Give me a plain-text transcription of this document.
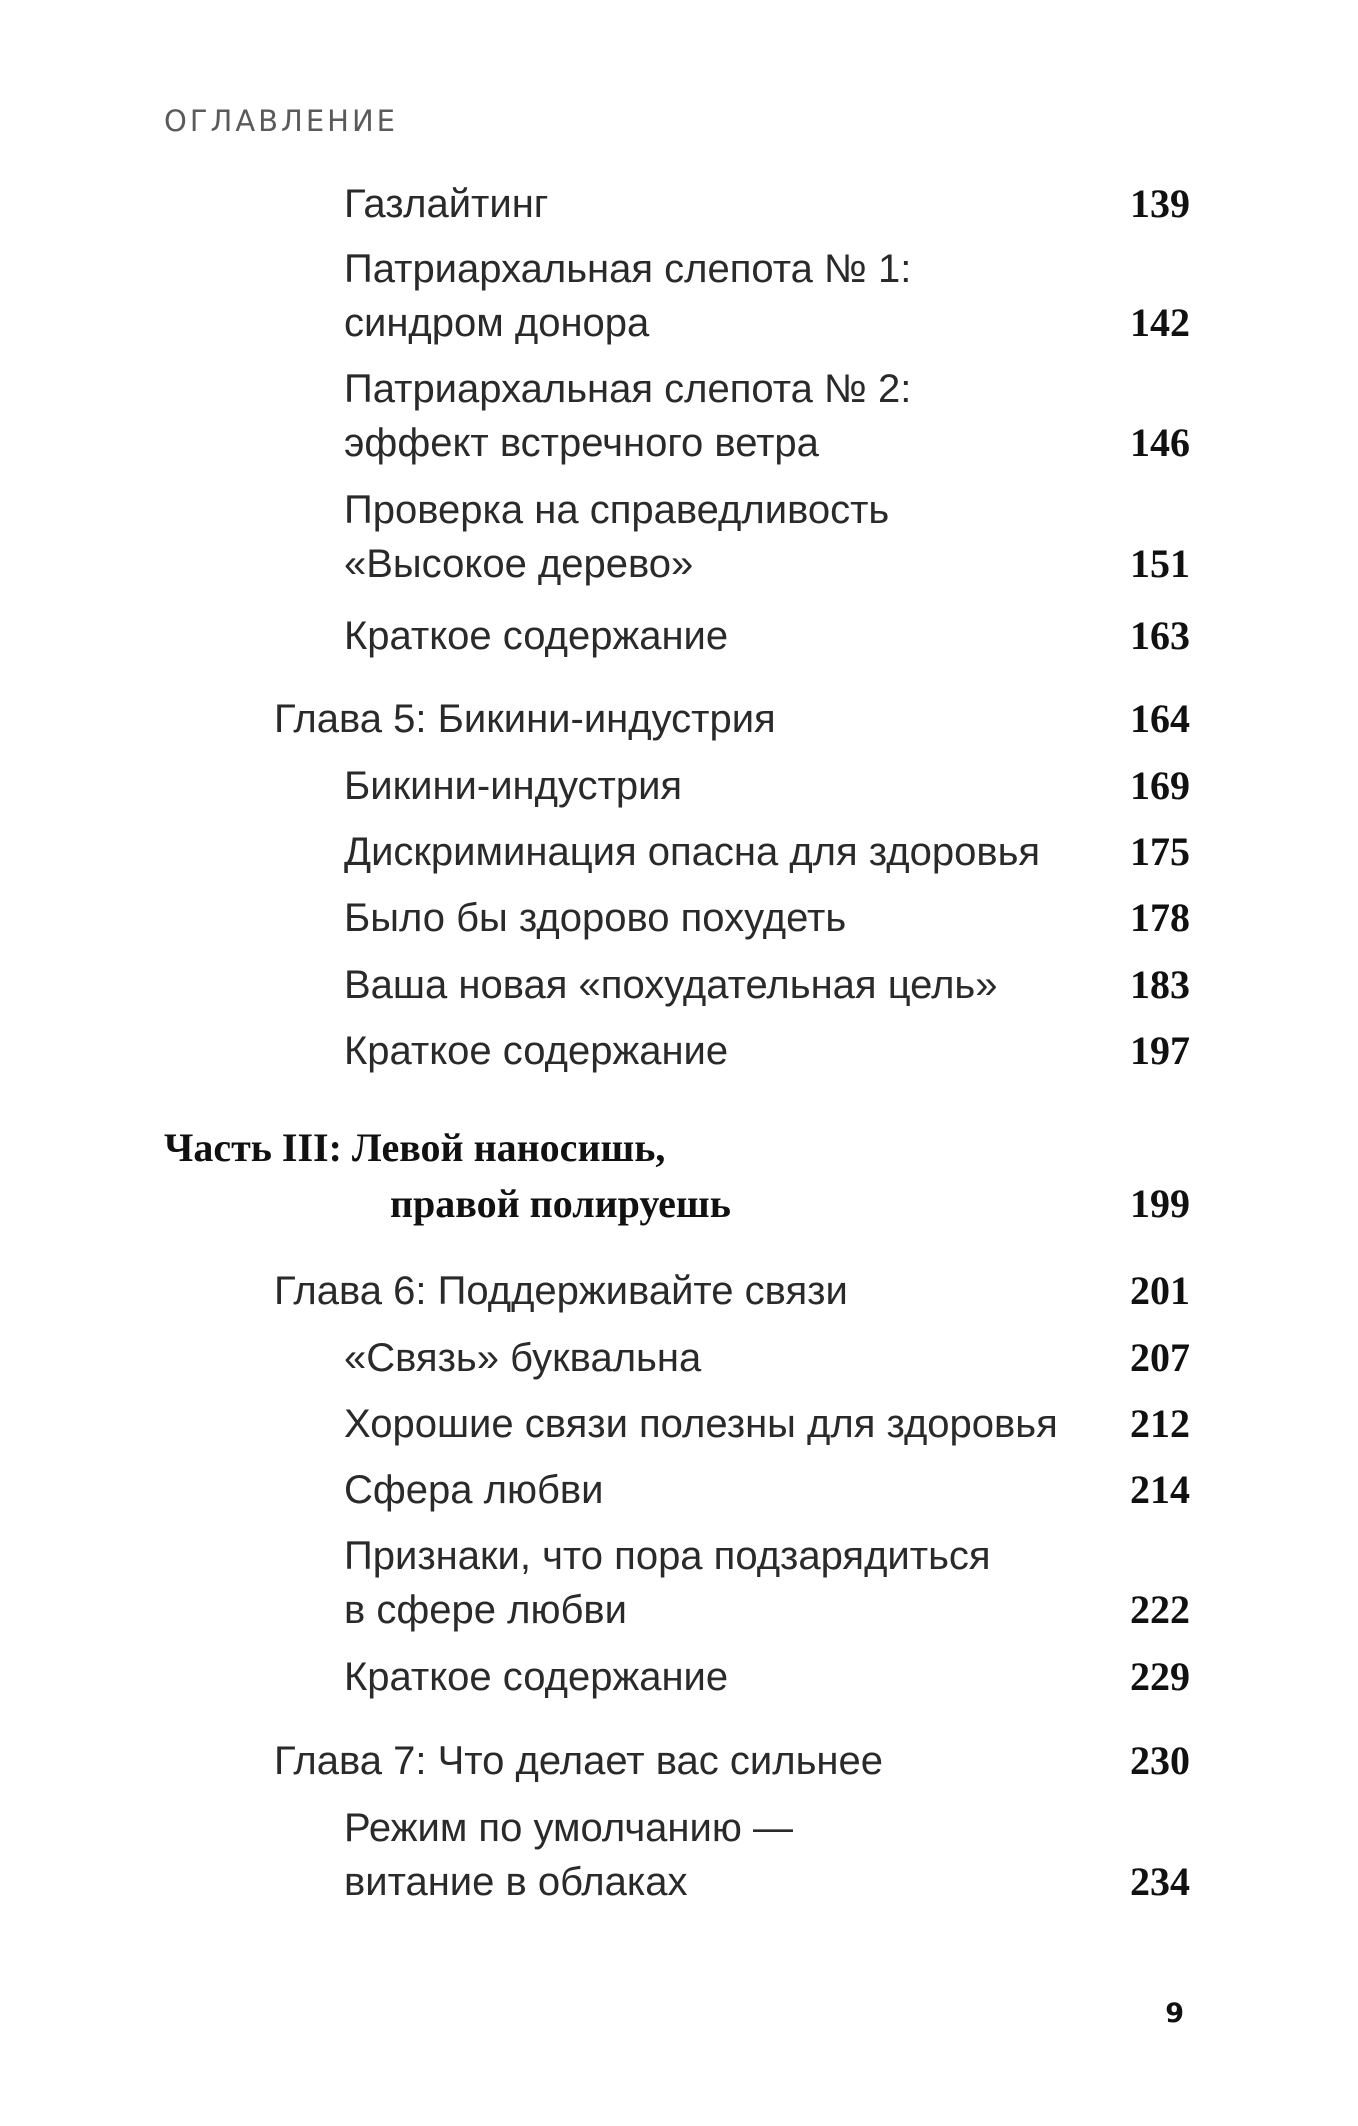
ОГЛАВЛЕНИЕ
Газлайтинг	139
Патриархальная слепота № 1:
синдром донора	142
Патриархальная слепота № 2:
эффект встречного ветра	146
Проверка на справедливость
«Высокое дерево»	151
Краткое содержание	163
Глава 5: Бикини-индустрия	164
Бикини-индустрия	169
Дискриминация опасна для здоровья	175
Было бы здорово похудеть	178
Ваша новая «похудательная цель»	183
Краткое содержание	197
Часть III: Левой наносишь,
правой полируешь	199
Глава 6: Поддерживайте связи	201
«Связь» буквальна	207
Хорошие связи полезны для здоровья	212
Сфера любви	214
Признаки, что пора подзарядиться
в сфере любви	222
Краткое содержание	229
Глава 7: Что делает вас сильнее	230
Режим по умолчанию —
витание в облаках	234
9
